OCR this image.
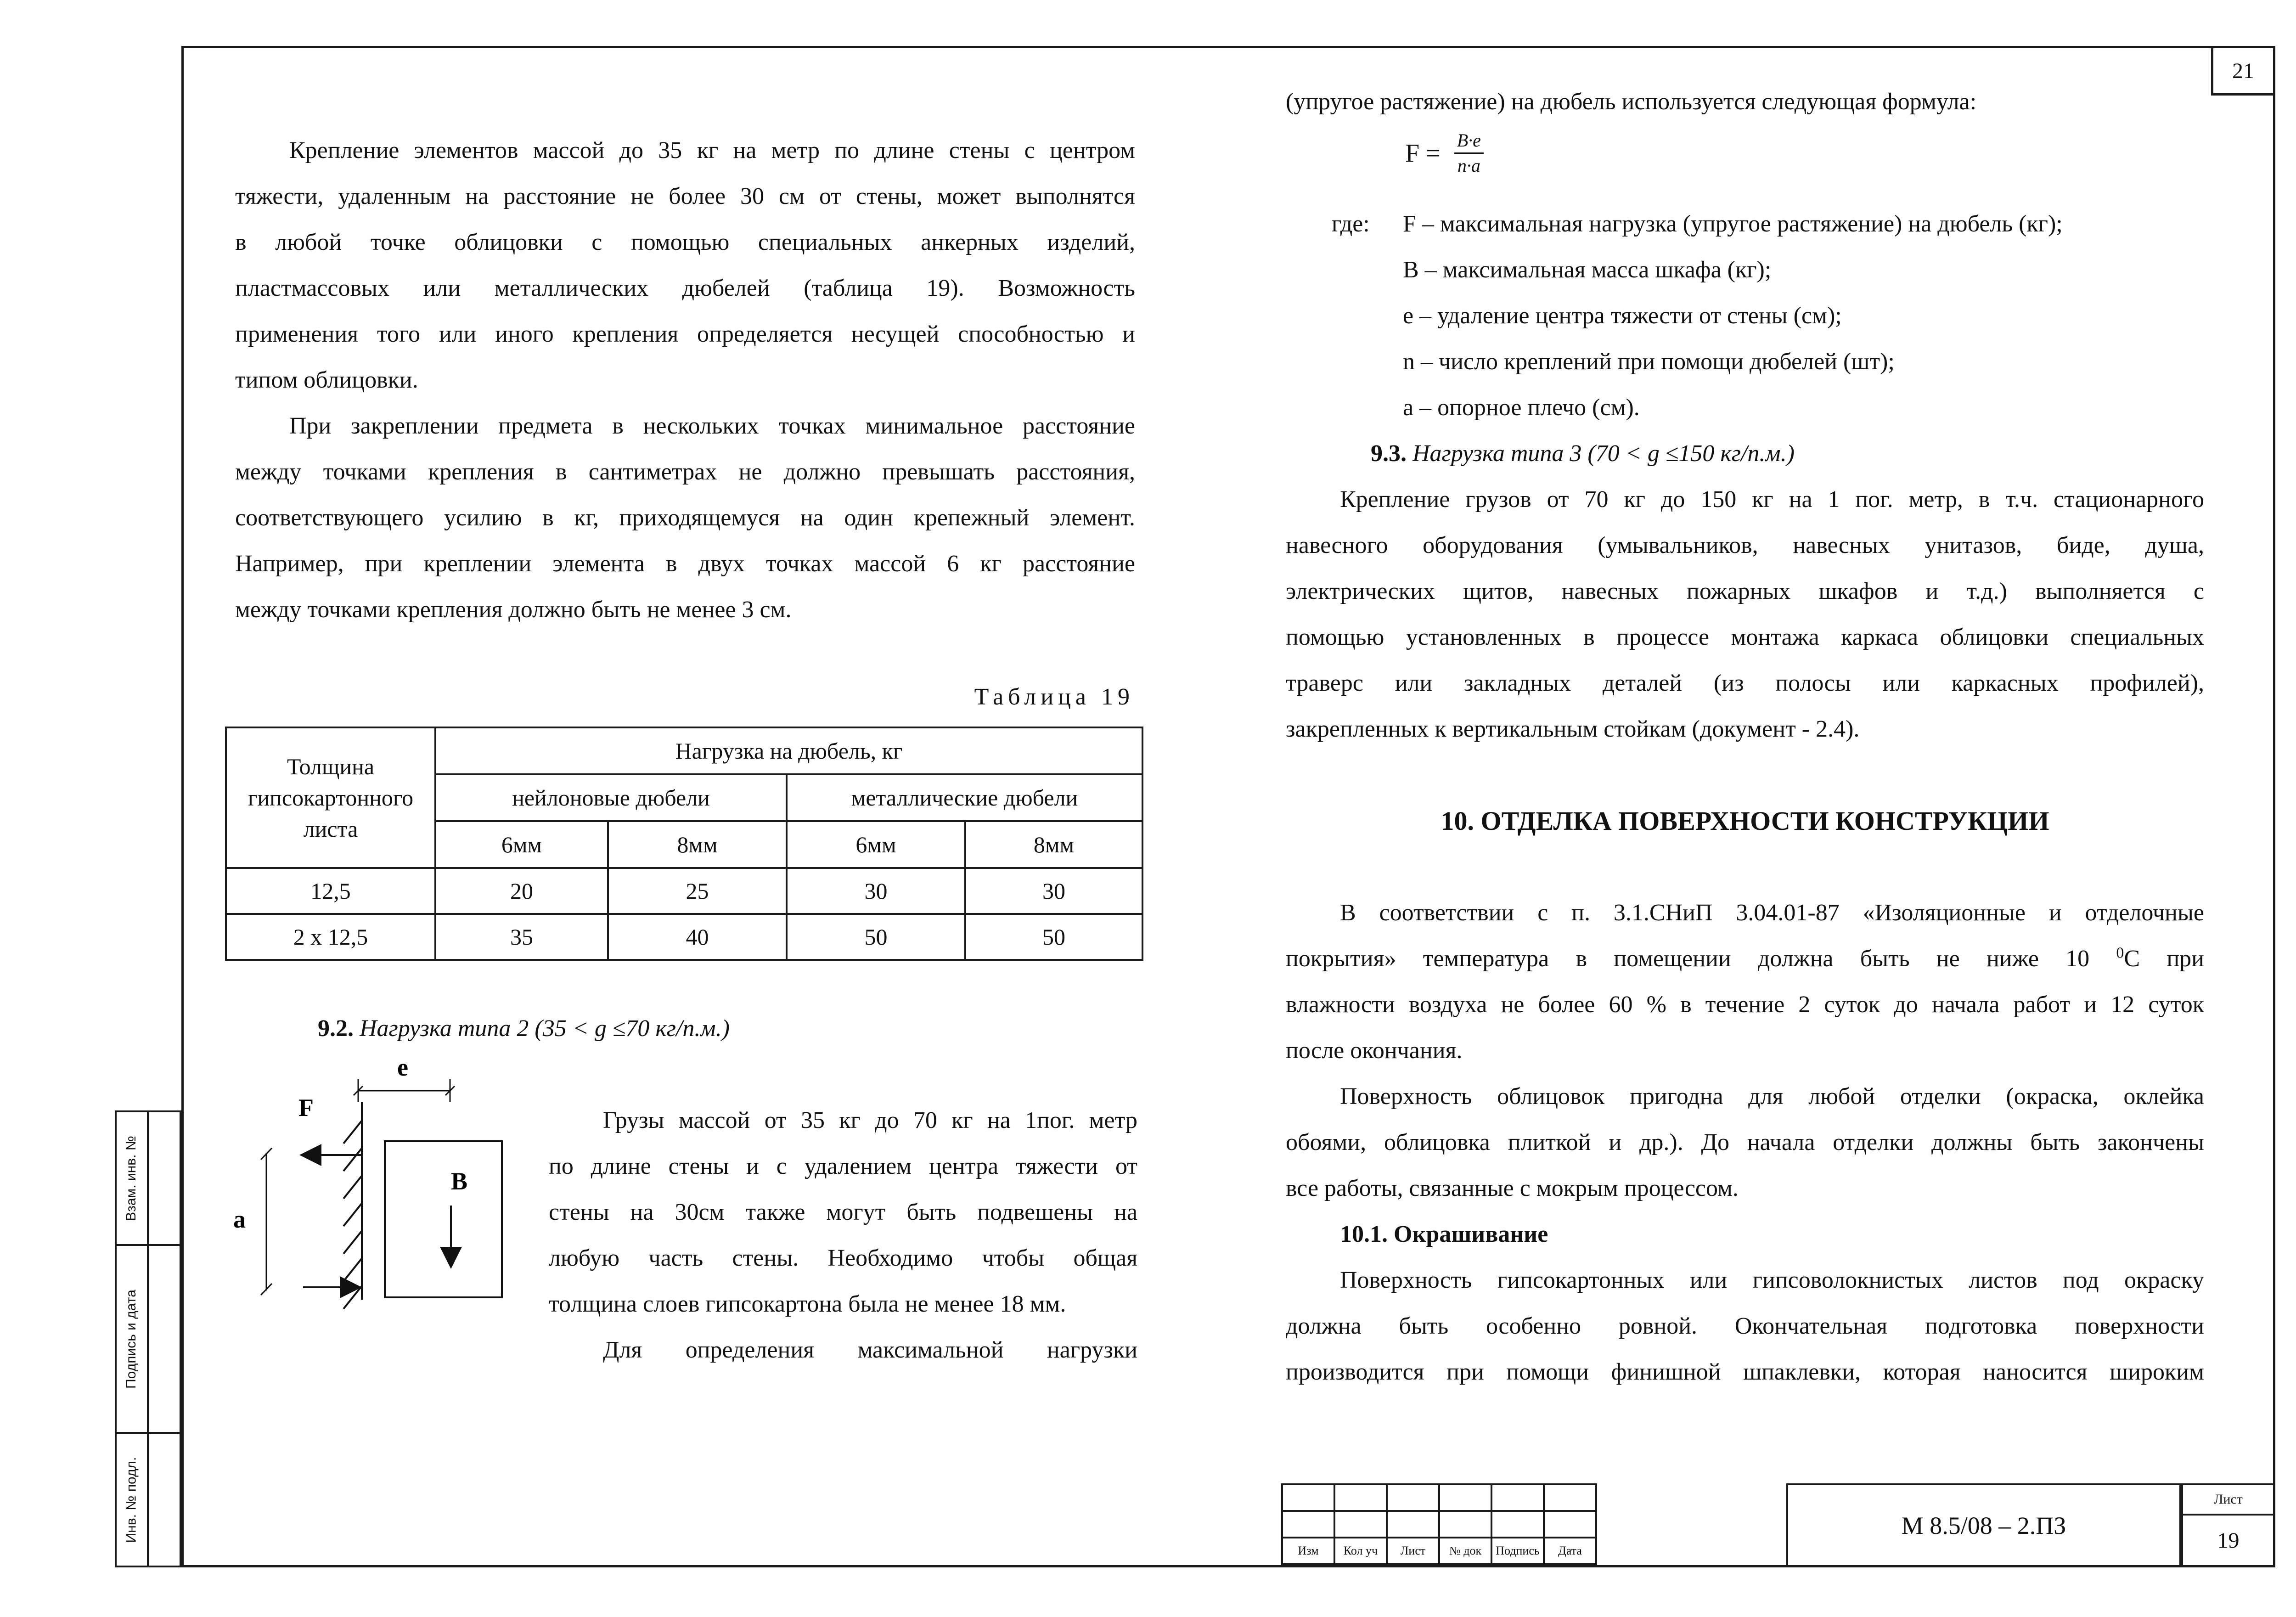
21

Крепление элементов массой до 35 кг на метр по длине стены с центром

тяжести, удаленным на расстояние не более 30 см от стены, может выполнятся

в любой точке облицовки с помощью специальных анкерных изделий,

пластмассовых или металлических дюбелей (таблица 19). Возможность

применения того или иного крепления определяется несущей способностью и

типом облицовки.

При закреплении предмета в нескольких точках минимальное расстояние

между точками крепления в сантиметрах не должно превышать расстояния,

соответствующего усилию в кг, приходящемуся на один крепежный элемент.

Например, при креплении элемента в двух точках массой 6 кг расстояние

между точками крепления должно быть не менее 3 см.

Таблица 19
Толщина
гипсокартонного
листа	Нагрузка на дюбель, кг			
	нейлоновые дюбели		металлические дюбели	
	6мм	8мм	6мм	8мм
12,5	20	25	30	30
2 х 12,5	35	40	50	50
9.2. Нагрузка типа 2 (35 < g ≤70 кг/п.м.)
e
F
B
a

Грузы массой от 35 кг до 70 кг на 1пог. метр

по длине стены и с удалением центра тяжести от

стены на 30см также могут быть подвешены на

любую часть стены. Необходимо чтобы общая

толщина слоев гипсокартона была не менее 18 мм.

Для определения максимальной нагрузки

(упругое растяжение) на дюбель используется следующая формула:

$F = \frac{B\cdot e}{n\cdot a}$
где: F – максимальная нагрузка (упругое растяжение) на дюбель (кг);

B – максимальная масса шкафа (кг);

e – удаление центра тяжести от стены (см);

n – число креплений при помощи дюбелей (шт);

a – опорное плечо (см).

9.3. Нагрузка типа 3 (70 < g ≤150 кг/п.м.)

Крепление грузов от 70 кг до 150 кг на 1 пог. метр, в т.ч. стационарного

навесного оборудования (умывальников, навесных унитазов, биде, душа,

электрических щитов, навесных пожарных шкафов и т.д.) выполняется с

помощью установленных в процессе монтажа каркаса облицовки специальных

траверс или закладных деталей (из полосы или каркасных профилей),

закрепленных к вертикальным стойкам (документ - 2.4).

10. ОТДЕЛКА ПОВЕРХНОСТИ КОНСТРУКЦИИ

В соответствии с п. 3.1.СНиП 3.04.01-87 «Изоляционные и отделочные

покрытия» температура в помещении должна быть не ниже 10 $^0$С при

влажности воздуха не более 60 % в течение 2 суток до начала работ и 12 суток

после окончания.

Поверхность облицовок пригодна для любой отделки (окраска, оклейка

обоями, облицовка плиткой и др.). До начала отделки должны быть закончены

все работы, связанные с мокрым процессом.

10.1. Окрашивание

Поверхность гипсокартонных или гипсоволокнистых листов под окраску

должна быть особенно ровной. Окончательная подготовка поверхности

производится при помощи финишной шпаклевки, которая наносится широким

Взам. инв. №
Подпись и дата
Инв. № подл.

Изм	Кол уч	Лист	№ док	Подпись	Дата
М 8.5/08 – 2.ПЗ
Лист
19
